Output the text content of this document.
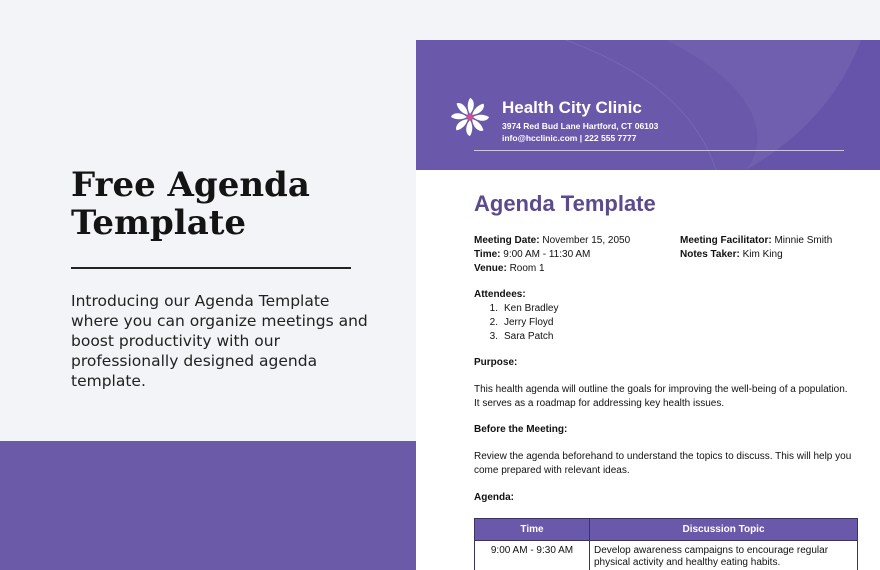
Free Agenda Template

Introducing our Agenda Template where you can organize meetings and boost productivity with our professionally designed agenda template.

Health City Clinic
3974 Red Bud Lane Hartford, CT 06103
info@hcclinic.com | 222 555 7777
Agenda Template
Meeting Date: November 15, 2050
Time: 9:00 AM - 11:30 AM
Venue: Room 1
Meeting Facilitator: Minnie Smith
Notes Taker: Kim King
Attendees:
1. Ken Bradley
2. Jerry Floyd
3. Sara Patch
Purpose:

This health agenda will outline the goals for improving the well-being of a population. It serves as a roadmap for addressing key health issues.

Before the Meeting:

Review the agenda beforehand to understand the topics to discuss. This will help you come prepared with relevant ideas.

Agenda:
Time	Discussion Topic
9:00 AM - 9:30 AM	Develop awareness campaigns to encourage regular physical activity and healthy eating habits.
